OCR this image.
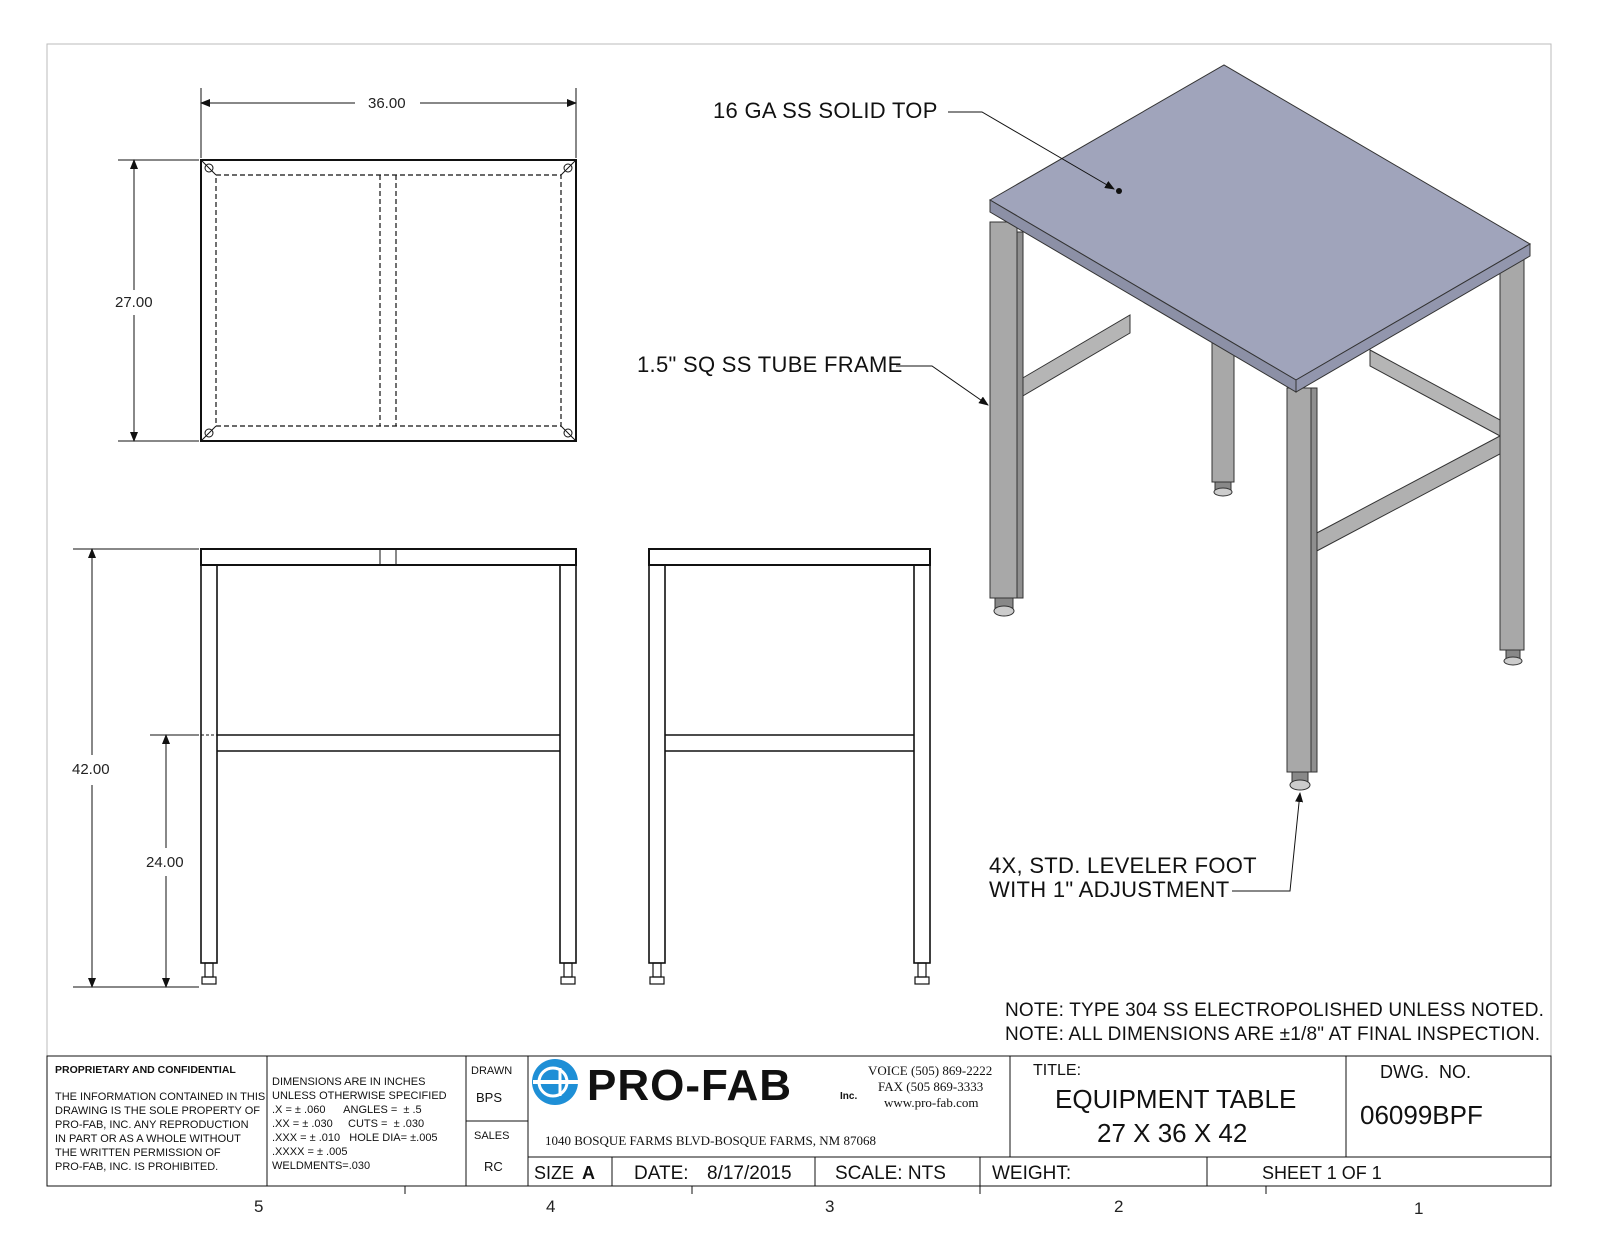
36.00
27.00
42.00
24.00
16 GA SS SOLID TOP
1.5" SQ SS TUBE FRAME
4X, STD. LEVELER FOOT
WITH 1" ADJUSTMENT
NOTE: TYPE 304 SS ELECTROPOLISHED UNLESS NOTED.
NOTE: ALL DIMENSIONS ARE ±1/8" AT FINAL INSPECTION.
PROPRIETARY AND CONFIDENTIAL
THE INFORMATION CONTAINED IN THIS
DRAWING IS THE SOLE PROPERTY OF
PRO-FAB, INC. ANY REPRODUCTION
IN PART OR AS A WHOLE WITHOUT
THE WRITTEN PERMISSION OF
PRO-FAB, INC. IS PROHIBITED.
DIMENSIONS ARE IN INCHES
UNLESS OTHERWISE SPECIFIED
.X = ± .060      ANGLES =  ± .5
.XX = ± .030     CUTS =  ± .030
.XXX = ± .010   HOLE DIA= ±.005
.XXXX = ± .005
WELDMENTS=.030
DRAWN
BPS
SALES
RC
PRO-FAB	Inc.
VOICE (505) 869-2222
FAX (505 869-3333
www.pro-fab.com
1040 BOSQUE FARMS BLVD-BOSQUE FARMS, NM 87068
TITLE:
EQUIPMENT TABLE
27 X 36 X 42
DWG.  NO.
06099BPF
SIZE A DATE: 8/17/2015 SCALE: NTS WEIGHT:	SHEET 1 OF 1
5	4	3	2	1
